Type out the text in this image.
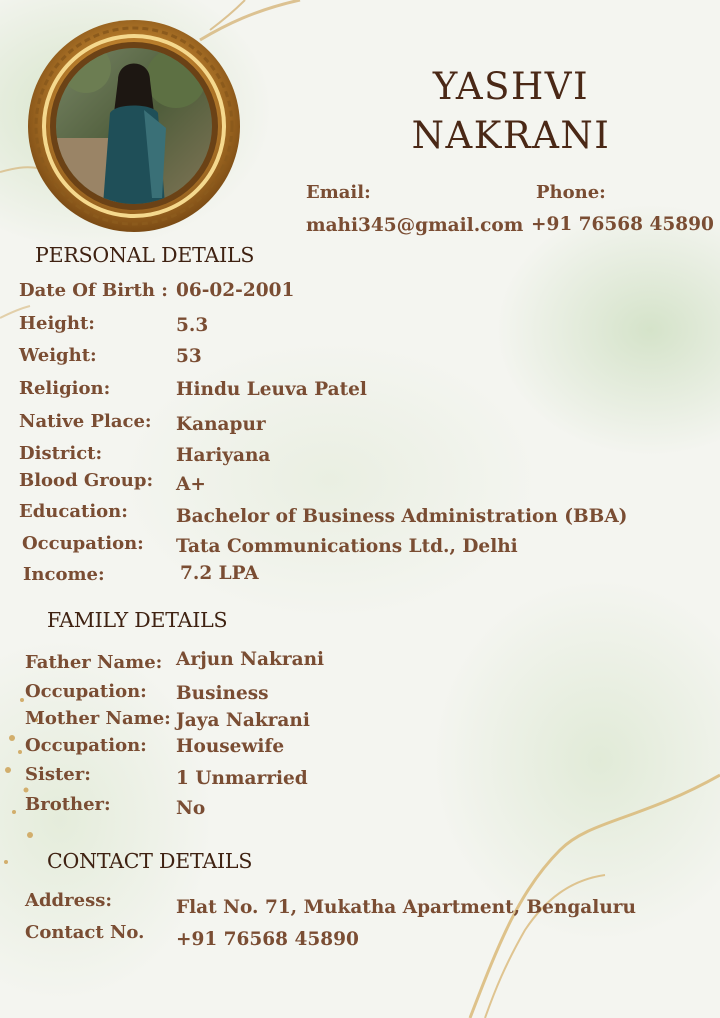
YASHVI
NAKRANI
Email:	Phone:
mahi345@gmail.com +91 76568 45890
PERSONAL DETAILS
Date Of Birth : 06-02-2001
Height:	5.3
Weight:	53
Religion:	Hindu Leuva Patel
Native Place: Kanapur
District:	Hariyana
Blood Group: A+
Education:	Bachelor of Business Administration (BBA)
Occupation: Tata Communications Ltd., Delhi
Income:	7.2 LPA
FAMILY DETAILS
Father Name: Arjun Nakrani
Occupation: Business
Mother Name: Jaya Nakrani
Occupation: Housewife
Sister:	1 Unmarried
Brother:	No
CONTACT DETAILS
Address:	Flat No. 71, Mukatha Apartment, Bengaluru
Contact No. +91 76568 45890
